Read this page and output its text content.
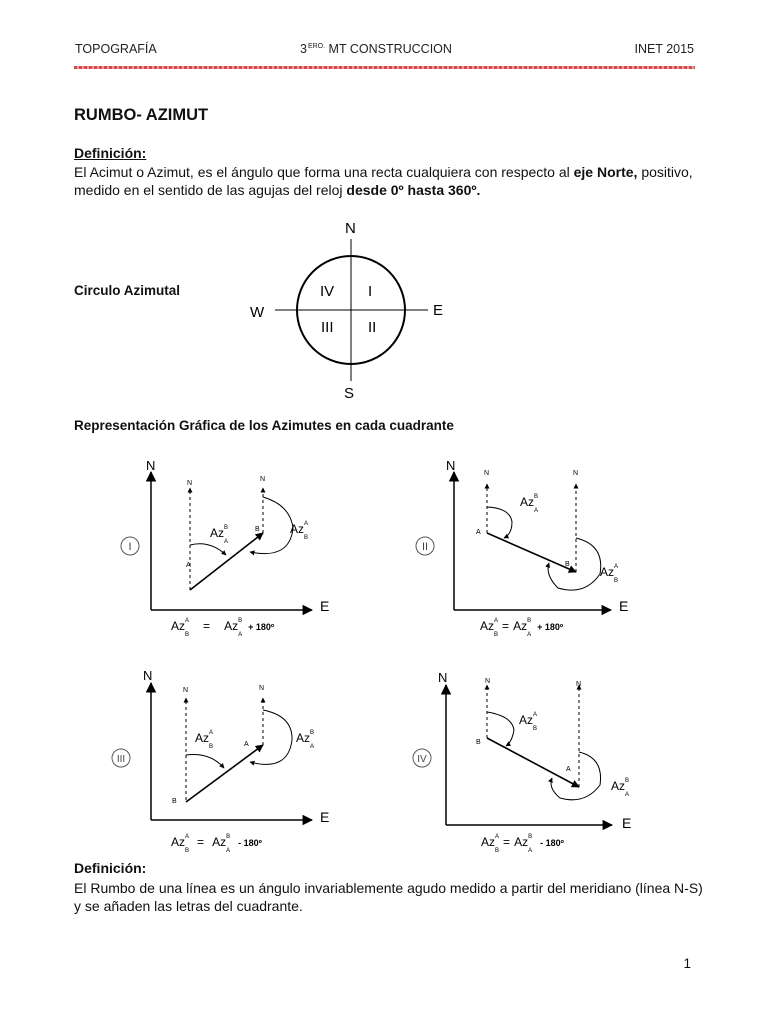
TOPOGRAFÍA	$3^{ERO.}$ MT CONSTRUCCION	INET 2015
RUMBO- AZIMUT
Definición:
El Acimut o Azimut, es el ángulo que forma una recta cualquiera con respecto al eje Norte, positivo, medido en el sentido de las agujas del reloj desde 0º hasta 360º.
Circulo Azimutal
N
S
E
W
IV I
III II
Representación Gráfica de los Azimutes en cada cuadrante
N
E
N
N
A
B
$Az^B$ A
$Az^A$ B
I
$Az^A$ $B= Az^B$ $A^{+ 180º}$
N
E
N	N
A
B
$Az^B$ A
$Az^A$ B
II
$Az^A$ $B= Az^B$ $A^{+ 180º}$
N
E
N	N
A
B
$Az^A$ B
$Az^B$ A
III
$Az^A$ $B= Az^B$ $A^{- 180º}$
N
E
N	N
B
A
$Az^A$ B
$Az^B$ A
IV
$Az^A$ $B= Az^B$ $A^{- 180º}$
Definición:
El Rumbo de una línea es un ángulo invariablemente agudo medido a partir del meridiano (línea N-S) y se añaden las letras del cuadrante.
1
